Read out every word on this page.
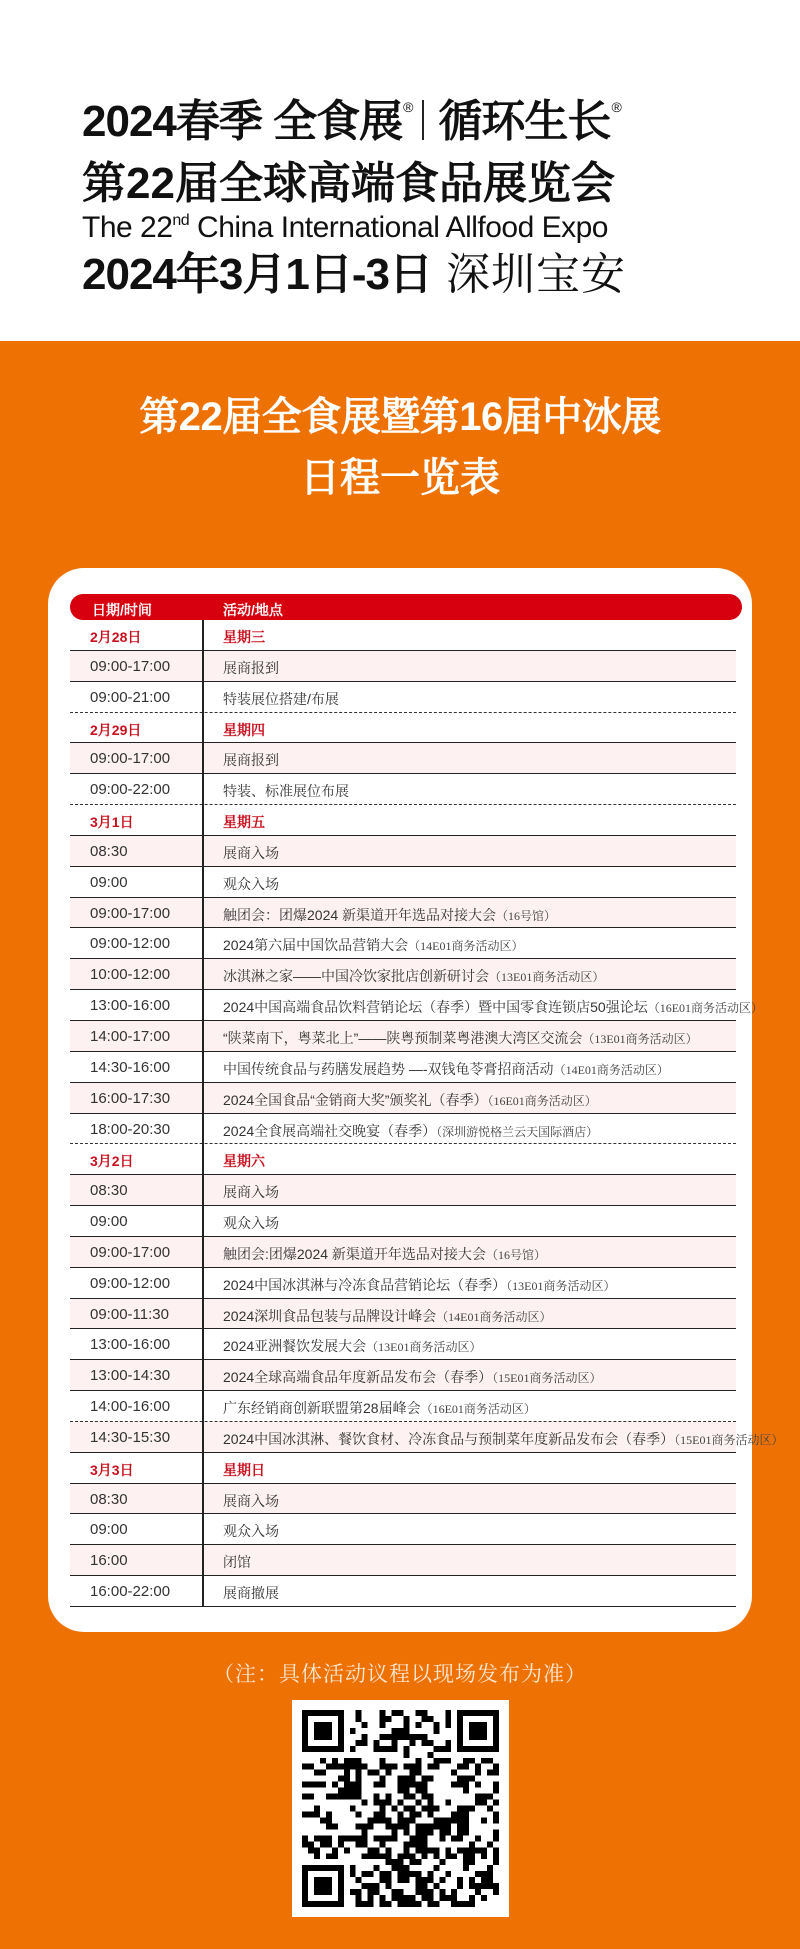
2024春季 全食展® 循环生长®
第22届全球高端食品展览会
The 22nd China International Allfood Expo
2024年3月1日-3日 深圳宝安
第22届全食展暨第16届中冰展
日程一览表
日期/时间	活动/地点
2月28日	星期三
09:00-17:00	展商报到
09:00-21:00	特装展位搭建/布展
2月29日	星期四
09:00-17:00	展商报到
09:00-22:00	特装、标准展位布展
3月1日	星期五
08:30	展商入场
09:00	观众入场
09:00-17:00	触团会：团爆2024 新渠道开年选品对接大会（16号馆）
09:00-12:00	2024第六届中国饮品营销大会（14E01商务活动区）
10:00-12:00	冰淇淋之家——中国冷饮家批店创新研讨会（13E01商务活动区）
13:00-16:00	2024中国高端食品饮料营销论坛（春季）暨中国零食连锁店50强论坛（16E01商务活动区）
14:00-17:00	“陕菜南下，粤菜北上”——陕粤预制菜粤港澳大湾区交流会（13E01商务活动区）
14:30-16:00	中国传统食品与药膳发展趋势 —-双钱龟苓膏招商活动（14E01商务活动区）
16:00-17:30	2024全国食品“金销商大奖”颁奖礼（春季）（16E01商务活动区）
18:00-20:30	2024全食展高端社交晚宴（春季）（深圳游悦格兰云天国际酒店）
3月2日	星期六
08:30	展商入场
09:00	观众入场
09:00-17:00	触团会:团爆2024 新渠道开年选品对接大会（16号馆）
09:00-12:00	2024中国冰淇淋与冷冻食品营销论坛（春季）（13E01商务活动区）
09:00-11:30	2024深圳食品包装与品牌设计峰会（14E01商务活动区）
13:00-16:00	2024亚洲餐饮发展大会（13E01商务活动区）
13:00-14:30	2024全球高端食品年度新品发布会（春季）（15E01商务活动区）
14:00-16:00	广东经销商创新联盟第28届峰会（16E01商务活动区）
14:30-15:30	2024中国冰淇淋、餐饮食材、冷冻食品与预制菜年度新品发布会（春季）（15E01商务活动区）
3月3日	星期日
08:30	展商入场
09:00	观众入场
16:00	闭馆
16:00-22:00	展商撤展
（注：具体活动议程以现场发布为准）
